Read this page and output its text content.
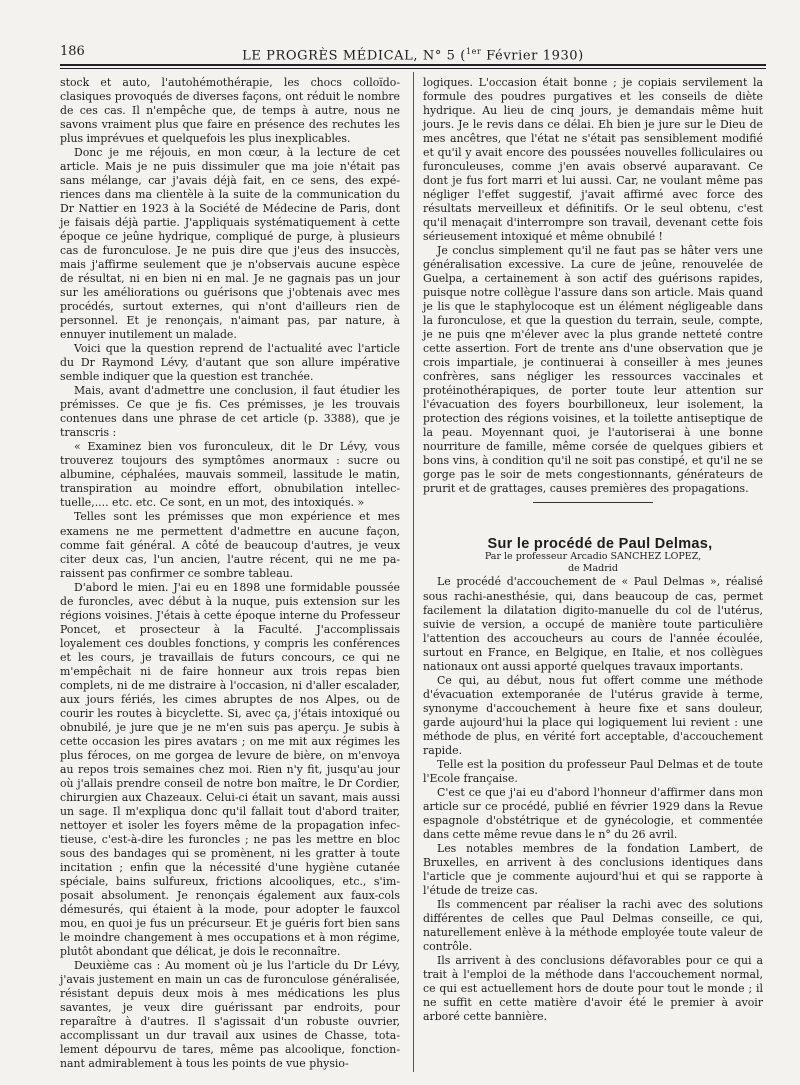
186	LE PROGRÈS MÉDICAL, N° 5 ($^{1er}$ Février 1930)

stock et auto, l'autohémothérapie, les chocs colloïdoclasiques provoqués de diverses façons, ont réduit le nombre de ces cas. Il n'empêche que, de temps à autre, nous ne savons vraiment plus que faire en présence des rechutes les plus imprévues et quelquefois les plus inexplicables.

Donc je me réjouis, en mon cœur, à la lecture de cet article. Mais je ne puis dissimuler que ma joie n'était pas sans mélange, car j'avais déjà fait, en ce sens, des expériences dans ma clientèle à la suite de la communication du Dr Nattier en 1923 à la Société de Médecine de Paris, dont je faisais déjà partie. J'appliquais systématiquement à cette époque ce jeûne hydrique, compliqué de purge, à plusieurs cas de furonculose. Je ne puis dire que j'eus des insuccès, mais j'affirme seulement que je n'observais aucune espèce de résultat, ni en bien ni en mal. Je ne gagnais pas un jour sur les améliorations ou guérisons que j'obtenais avec mes procédés, surtout externes, qui n'ont d'ailleurs rien de personnel. Et je renonçais, n'aimant pas, par nature, à ennuyer inutilement un malade.

Voici que la question reprend de l'actualité avec l'article du Dr Raymond Lévy, d'autant que son allure impérative semble indiquer que la question est tranchée.

Mais, avant d'admettre une conclusion, il faut étudier les prémisses. Ce que je fis. Ces prémisses, je les trouvais contenues dans une phrase de cet article (p. 3388), que je transcris :

« Examinez bien vos furonculeux, dit le Dr Lévy, vous trouverez toujours des symptômes anormaux : sucre ou albumine, céphalées, mauvais sommeil, lassitude le matin, transpiration au moindre effort, obnubilation intellectuelle,.... etc. etc. Ce sont, en un mot, des intoxiqués. »

Telles sont les prémisses que mon expérience et mes examens ne me permettent d'admettre en aucune façon, comme fait général. A côté de beaucoup d'autres, je veux citer deux cas, l'un ancien, l'autre récent, qui ne me paraissent pas confirmer ce sombre tableau.

D'abord le mien. J'ai eu en 1898 une formidable poussée de furoncles, avec début à la nuque, puis extension sur les régions voisines. J'étais à cette époque interne du Professeur Poncet, et prosecteur à la Faculté. J'accomplissais loyalement ces doubles fonctions, y compris les conférences et les cours, je travaillais de futurs concours, ce qui ne m'empêchait ni de faire honneur aux trois repas bien complets, ni de me distraire à l'occasion, ni d'aller escalader, aux jours fériés, les cimes abruptes de nos Alpes, ou de courir les routes à bicyclette. Si, avec ça, j'étais intoxiqué ou obnubilé, je jure que je ne m'en suis pas aperçu. Je subis à cette occasion les pires avatars ; on me mit aux régimes les plus féroces, on me gorgea de levure de bière, on m'envoya au repos trois semaines chez moi. Rien n'y fit, jusqu'au jour où j'allais prendre conseil de notre bon maître, le Dr Cordier, chirurgien aux Chazeaux. Celui-ci était un savant, mais aussi un sage. Il m'expliqua donc qu'il fallait tout d'abord traiter, nettoyer et isoler les foyers même de la propagation infectieuse, c'est-à-dire les furoncles ; ne pas les mettre en bloc sous des bandages qui se promènent, ni les gratter à toute incitation ; enfin que la nécessité d'une hygiène cutanée spéciale, bains sulfureux, frictions alcooliques, etc., s'imposait absolument. Je renonçais également aux faux-cols démesurés, qui étaient à la mode, pour adopter le fauxcol mou, en quoi je fus un précurseur. Et je guéris fort bien sans le moindre changement à mes occupations et à mon régime, plutôt abondant que délicat, je dois le reconnaître.

Deuxième cas : Au moment où je lus l'article du Dr Lévy, j'avais justement en main un cas de furonculose généralisée, résistant depuis deux mois à mes médications les plus savantes, je veux dire guérissant par endroits, pour reparaître à d'autres. Il s'agissait d'un robuste ouvrier, accomplissant un dur travail aux usines de Chasse, totalement dépourvu de tares, même pas alcoolique, fonctionnant admirablement à tous les points de vue physio-

logiques. L'occasion était bonne ; je copiais servilement la formule des poudres purgatives et les conseils de diète hydrique. Au lieu de cinq jours, je demandais même huit jours. Je le revis dans ce délai. Eh bien je jure sur le Dieu de mes ancêtres, que l'état ne s'était pas sensiblement modifié et qu'il y avait encore des poussées nouvelles folliculaires ou furonculeuses, comme j'en avais observé auparavant. Ce dont je fus fort marri et lui aussi. Car, ne voulant même pas négliger l'effet suggestif, j'avait affirmé avec force des résultats merveilleux et définitifs. Or le seul obtenu, c'est qu'il menaçait d'interrompre son travail, devenant cette fois sérieusement intoxiqué et même obnubilé !

Je conclus simplement qu'il ne faut pas se hâter vers une généralisation excessive. La cure de jeûne, renouvelée de Guelpa, a certainement à son actif des guérisons rapides, puisque notre collègue l'assure dans son article. Mais quand je lis que le staphylocoque est un élément négligeable dans la furonculose, et que la question du terrain, seule, compte, je ne puis qne m'élever avec la plus grande netteté contre cette assertion. Fort de trente ans d'une observation que je crois impartiale, je continuerai à conseiller à mes jeunes confrères, sans négliger les ressources vaccinales et protéinothérapiques, de porter toute leur attention sur l'évacuation des foyers bourbilloneux, leur isolement, la protection des régions voisines, et la toilette antiseptique de la peau. Moyennant quoi, je l'autoriserai à une bonne nourriture de famille, même corsée de quelques gibiers et bons vins, à condition qu'il ne soit pas constipé, et qu'il ne se gorge pas le soir de mets congestionnants, générateurs de prurit et de grattages, causes premières des propagations.

Sur le procédé de Paul Delmas,

Par le professeur Arcadio SANCHEZ LOPEZ,

de Madrid

Le procédé d'accouchement de « Paul Delmas », réalisé sous rachi-anesthésie, qui, dans beaucoup de cas, permet facilement la dilatation digito-manuelle du col de l'utérus, suivie de version, a occupé de manière toute particulière l'attention des accoucheurs au cours de l'année écoulée, surtout en France, en Belgique, en Italie, et nos collègues nationaux ont aussi apporté quelques travaux importants.

Ce qui, au début, nous fut offert comme une méthode d'évacuation extemporanée de l'utérus gravide à terme, synonyme d'accouchement à heure fixe et sans douleur, garde aujourd'hui la place qui logiquement lui revient : une méthode de plus, en vérité fort acceptable, d'accouchement rapide.

Telle est la position du professeur Paul Delmas et de toute l'Ecole française.

C'est ce que j'ai eu d'abord l'honneur d'affirmer dans mon article sur ce procédé, publié en février 1929 dans la Revue espagnole d'obstétrique et de gynécologie, et commentée dans cette même revue dans le n° du 26 avril.

Les notables membres de la fondation Lambert, de Bruxelles, en arrivent à des conclusions identiques dans l'article que je commente aujourd'hui et qui se rapporte à l'étude de treize cas.

Ils commencent par réaliser la rachi avec des solutions différentes de celles que Paul Delmas conseille, ce qui, naturellement enlève à la méthode employée toute valeur de contrôle.

Ils arrivent à des conclusions défavorables pour ce qui a trait à l'emploi de la méthode dans l'accouchement normal, ce qui est actuellement hors de doute pour tout le monde ; il ne suffit en cette matière d'avoir été le premier à avoir arboré cette bannière.
